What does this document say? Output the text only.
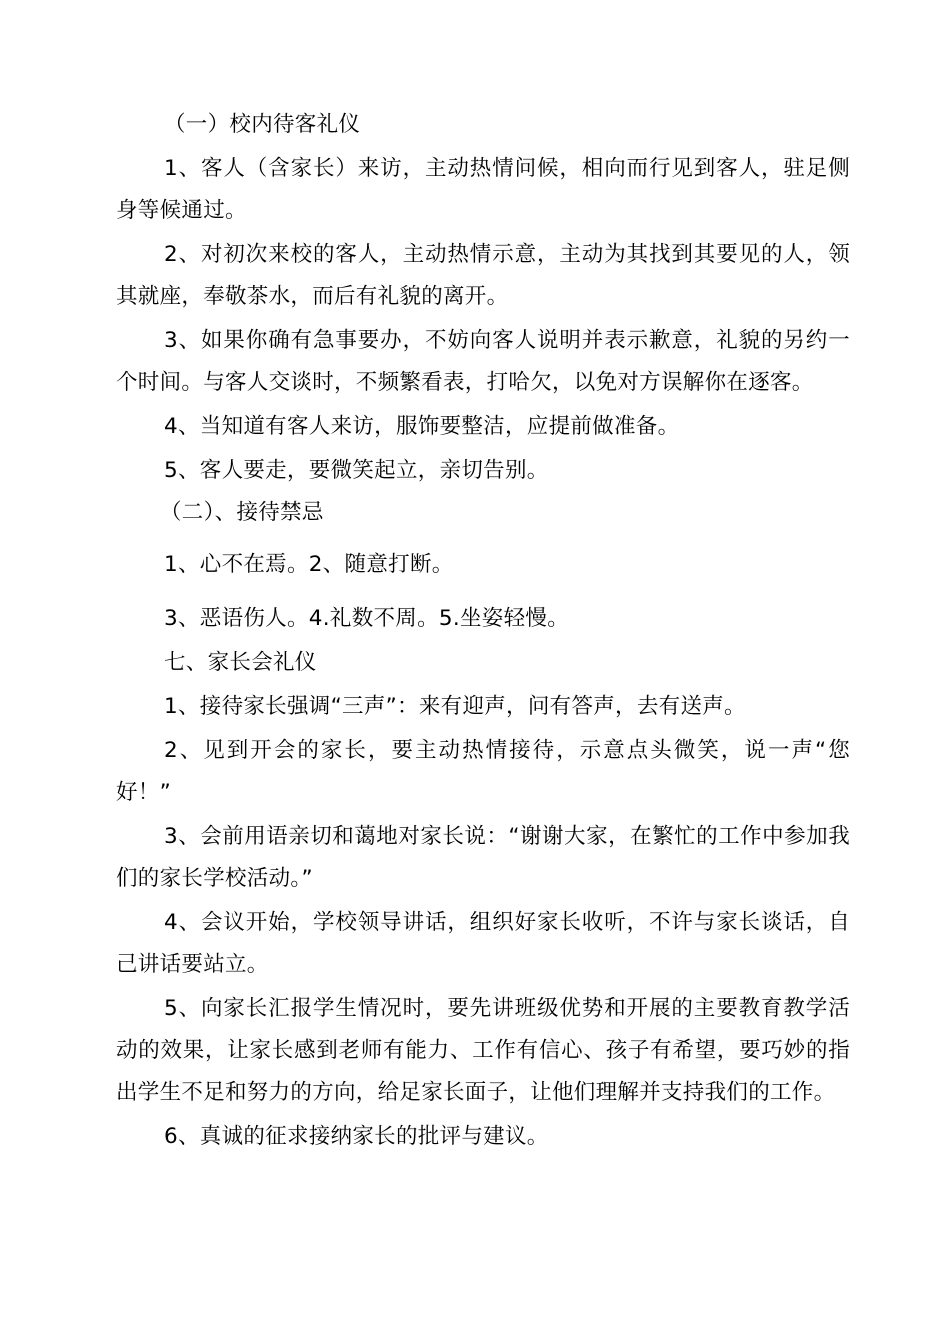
（一）校内待客礼仪

1、客人（含家长）来访，主动热情问候，相向而行见到客人，驻足侧身等候通过。

2、对初次来校的客人，主动热情示意，主动为其找到其要见的人，领其就座，奉敬茶水，而后有礼貌的离开。

3、如果你确有急事要办，不妨向客人说明并表示歉意，礼貌的另约一个时间。与客人交谈时，不频繁看表，打哈欠，以免对方误解你在逐客。

4、当知道有客人来访，服饰要整洁，应提前做准备。

5、客人要走，要微笑起立，亲切告别。

（二）、接待禁忌

1、心不在焉。2、随意打断。

3、恶语伤人。4.礼数不周。5.坐姿轻慢。

七、家长会礼仪

1、接待家长强调“三声”：来有迎声，问有答声，去有送声。

2、见到开会的家长，要主动热情接待，示意点头微笑，说一声“您好！”

3、会前用语亲切和蔼地对家长说：“谢谢大家，在繁忙的工作中参加我们的家长学校活动。”

4、会议开始，学校领导讲话，组织好家长收听，不许与家长谈话，自己讲话要站立。

5、向家长汇报学生情况时，要先讲班级优势和开展的主要教育教学活动的效果，让家长感到老师有能力、工作有信心、孩子有希望，要巧妙的指出学生不足和努力的方向，给足家长面子，让他们理解并支持我们的工作。

6、真诚的征求接纳家长的批评与建议。
